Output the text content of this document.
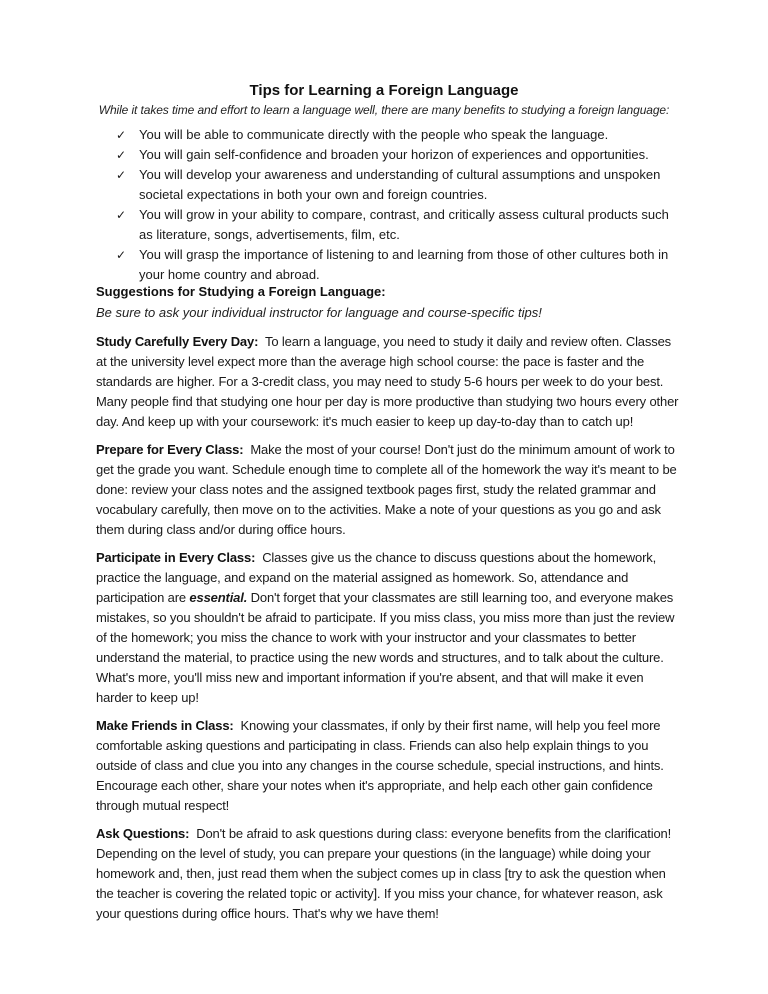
Tips for Learning a Foreign Language
While it takes time and effort to learn a language well, there are many benefits to studying a foreign language:
✓ You will be able to communicate directly with the people who speak the language.
✓ You will gain self-confidence and broaden your horizon of experiences and opportunities.
✓ You will develop your awareness and understanding of cultural assumptions and unspoken societal expectations in both your own and foreign countries.
✓ You will grow in your ability to compare, contrast, and critically assess cultural products such as literature, songs, advertisements, film, etc.
✓ You will grasp the importance of listening to and learning from those of other cultures both in your home country and abroad.
Suggestions for Studying a Foreign Language:
Be sure to ask your individual instructor for language and course-specific tips!

Study Carefully Every Day: To learn a language, you need to study it daily and review often. Classes at the university level expect more than the average high school course: the pace is faster and the standards are higher. For a 3-credit class, you may need to study 5-6 hours per week to do your best. Many people find that studying one hour per day is more productive than studying two hours every other day. And keep up with your coursework: it's much easier to keep up day-to-day than to catch up!

Prepare for Every Class: Make the most of your course! Don't just do the minimum amount of work to get the grade you want. Schedule enough time to complete all of the homework the way it's meant to be done: review your class notes and the assigned textbook pages first, study the related grammar and vocabulary carefully, then move on to the activities. Make a note of your questions as you go and ask them during class and/or during office hours.

Participate in Every Class: Classes give us the chance to discuss questions about the homework, practice the language, and expand on the material assigned as homework. So, attendance and participation are essential. Don't forget that your classmates are still learning too, and everyone makes mistakes, so you shouldn't be afraid to participate. If you miss class, you miss more than just the review of the homework; you miss the chance to work with your instructor and your classmates to better understand the material, to practice using the new words and structures, and to talk about the culture. What's more, you'll miss new and important information if you're absent, and that will make it even harder to keep up!

Make Friends in Class: Knowing your classmates, if only by their first name, will help you feel more comfortable asking questions and participating in class. Friends can also help explain things to you outside of class and clue you into any changes in the course schedule, special instructions, and hints. Encourage each other, share your notes when it's appropriate, and help each other gain confidence through mutual respect!

Ask Questions: Don't be afraid to ask questions during class: everyone benefits from the clarification! Depending on the level of study, you can prepare your questions (in the language) while doing your homework and, then, just read them when the subject comes up in class [try to ask the question when the teacher is covering the related topic or activity]. If you miss your chance, for whatever reason, ask your questions during office hours. That's why we have them!
